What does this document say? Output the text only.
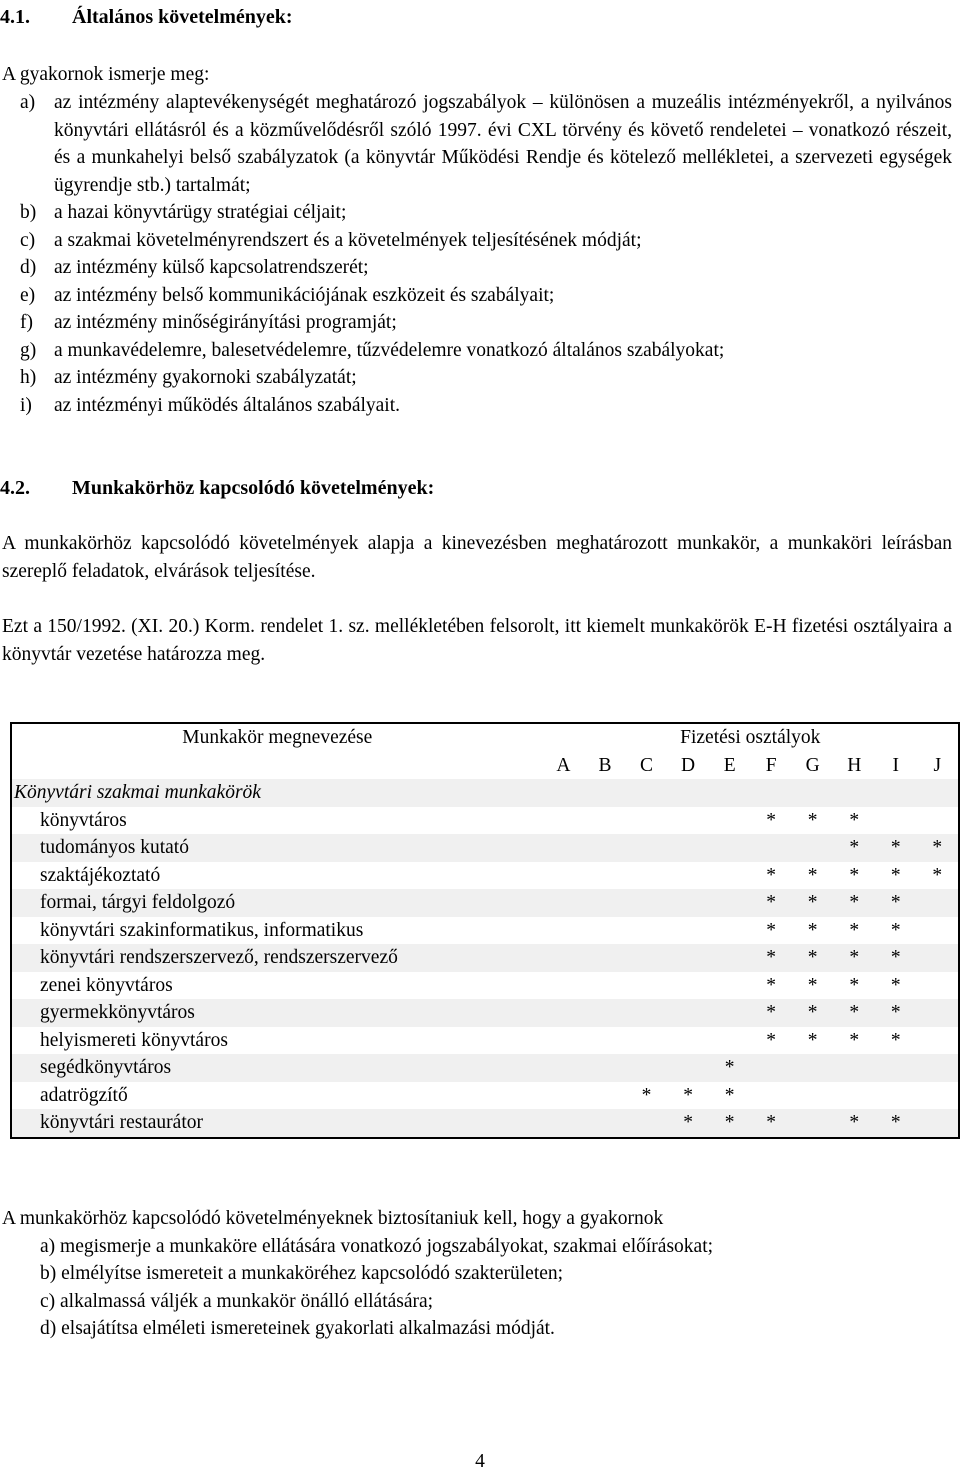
4.1. Általános követelmények:
A gyakornok ismerje meg:
a) az intézmény alaptevékenységét meghatározó jogszabályok – különösen a muzeális intézményekről, a nyilvános könyvtári ellátásról és a közművelődésről szóló 1997. évi CXL törvény és követő rendeletei – vonatkozó részeit, és a munkahelyi belső szabályzatok (a könyvtár Működési Rendje és kötelező mellékletei, a szervezeti egységek ügyrendje stb.) tartalmát;
b) a hazai könyvtárügy stratégiai céljait;
c) a szakmai követelményrendszert és a követelmények teljesítésének módját;
d) az intézmény külső kapcsolatrendszerét;
e) az intézmény belső kommunikációjának eszközeit és szabályait;
f) az intézmény minőségirányítási programját;
g) a munkavédelemre, balesetvédelemre, tűzvédelemre vonatkozó általános szabályokat;
h) az intézmény gyakornoki szabályzatát;
i) az intézményi működés általános szabályait.
4.2. Munkakörhöz kapcsolódó követelmények:
A munkakörhöz kapcsolódó követelmények alapja a kinevezésben meghatározott munkakör, a munkaköri leírásban szereplő feladatok, elvárások teljesítése.
Ezt a 150/1992. (XI. 20.) Korm. rendelet 1. sz. mellékletében felsorolt, itt kiemelt munkakörök E-H fizetési osztályaira a könyvtár vezetése határozza meg.
Munkakör megnevezése	Fizetési osztályok									
	A	B	C	D	E	F	G	H	I	J
Könyvtári szakmai munkakörök										
könyvtáros						*	*	*		
tudományos kutató								*	*	*
szaktájékoztató						*	*	*	*	*
formai, tárgyi feldolgozó						*	*	*	*	
könyvtári szakinformatikus, informatikus						*	*	*	*	
könyvtári rendszerszervező, rendszerszervező						*	*	*	*	
zenei könyvtáros						*	*	*	*	
gyermekkönyvtáros						*	*	*	*	
helyismereti könyvtáros						*	*	*	*	
segédkönyvtáros					*					
adatrögzítő			*	*	*					
könyvtári restaurátor				*	*	*		*	*	
A munkakörhöz kapcsolódó követelményeknek biztosítaniuk kell, hogy a gyakornok
a) megismerje a munkaköre ellátására vonatkozó jogszabályokat, szakmai előírásokat;
b) elmélyítse ismereteit a munkaköréhez kapcsolódó szakterületen;
c) alkalmassá váljék a munkakör önálló ellátására;
d) elsajátítsa elméleti ismereteinek gyakorlati alkalmazási módját.
4
